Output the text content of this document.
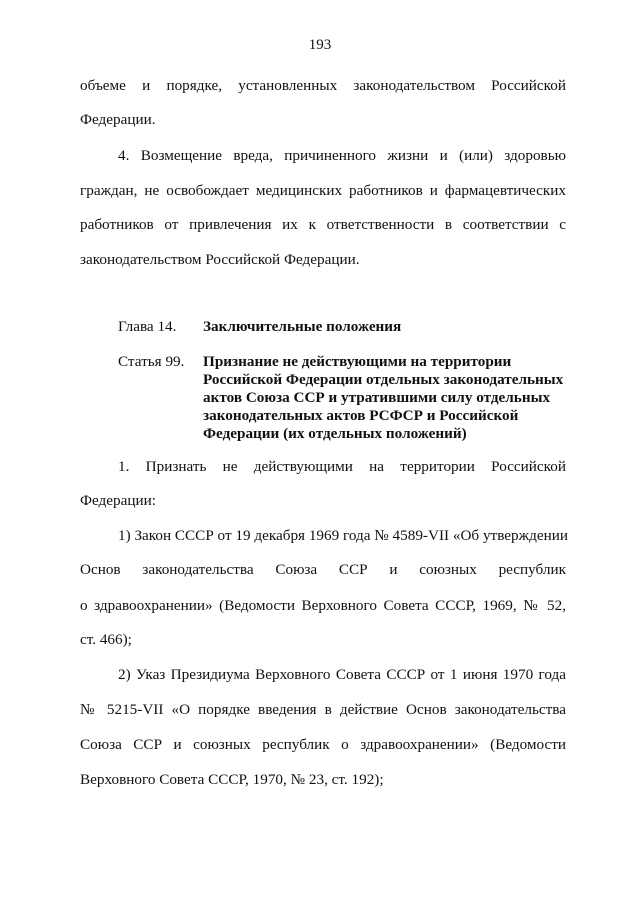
193
объеме и порядке, установленных законодательством Российской
Федерации.
4. Возмещение вреда, причиненного жизни и (или) здоровью
граждан, не освобождает медицинских работников и фармацевтических
работников от привлечения их к ответственности в соответствии с
законодательством Российской Федерации.
Глава 14. Заключительные положения
Статья 99. Признание не действующими на территории
Российской Федерации отдельных законодательных
актов Союза ССР и утратившими силу отдельных
законодательных актов РСФСР и Российской
Федерации (их отдельных положений)
1. Признать не действующими на территории Российской
Федерации:
1) Закон СССР от 19 декабря 1969 года № 4589-VII «Об утверждении
Основ законодательства Союза ССР и союзных республик
о здравоохранении» (Ведомости Верховного Совета СССР, 1969, № 52,
ст. 466);
2) Указ Президиума Верховного Совета СССР от 1 июня 1970 года
№ 5215-VII «О порядке введения в действие Основ законодательства
Союза ССР и союзных республик о здравоохранении» (Ведомости
Верховного Совета СССР, 1970, № 23, ст. 192);
